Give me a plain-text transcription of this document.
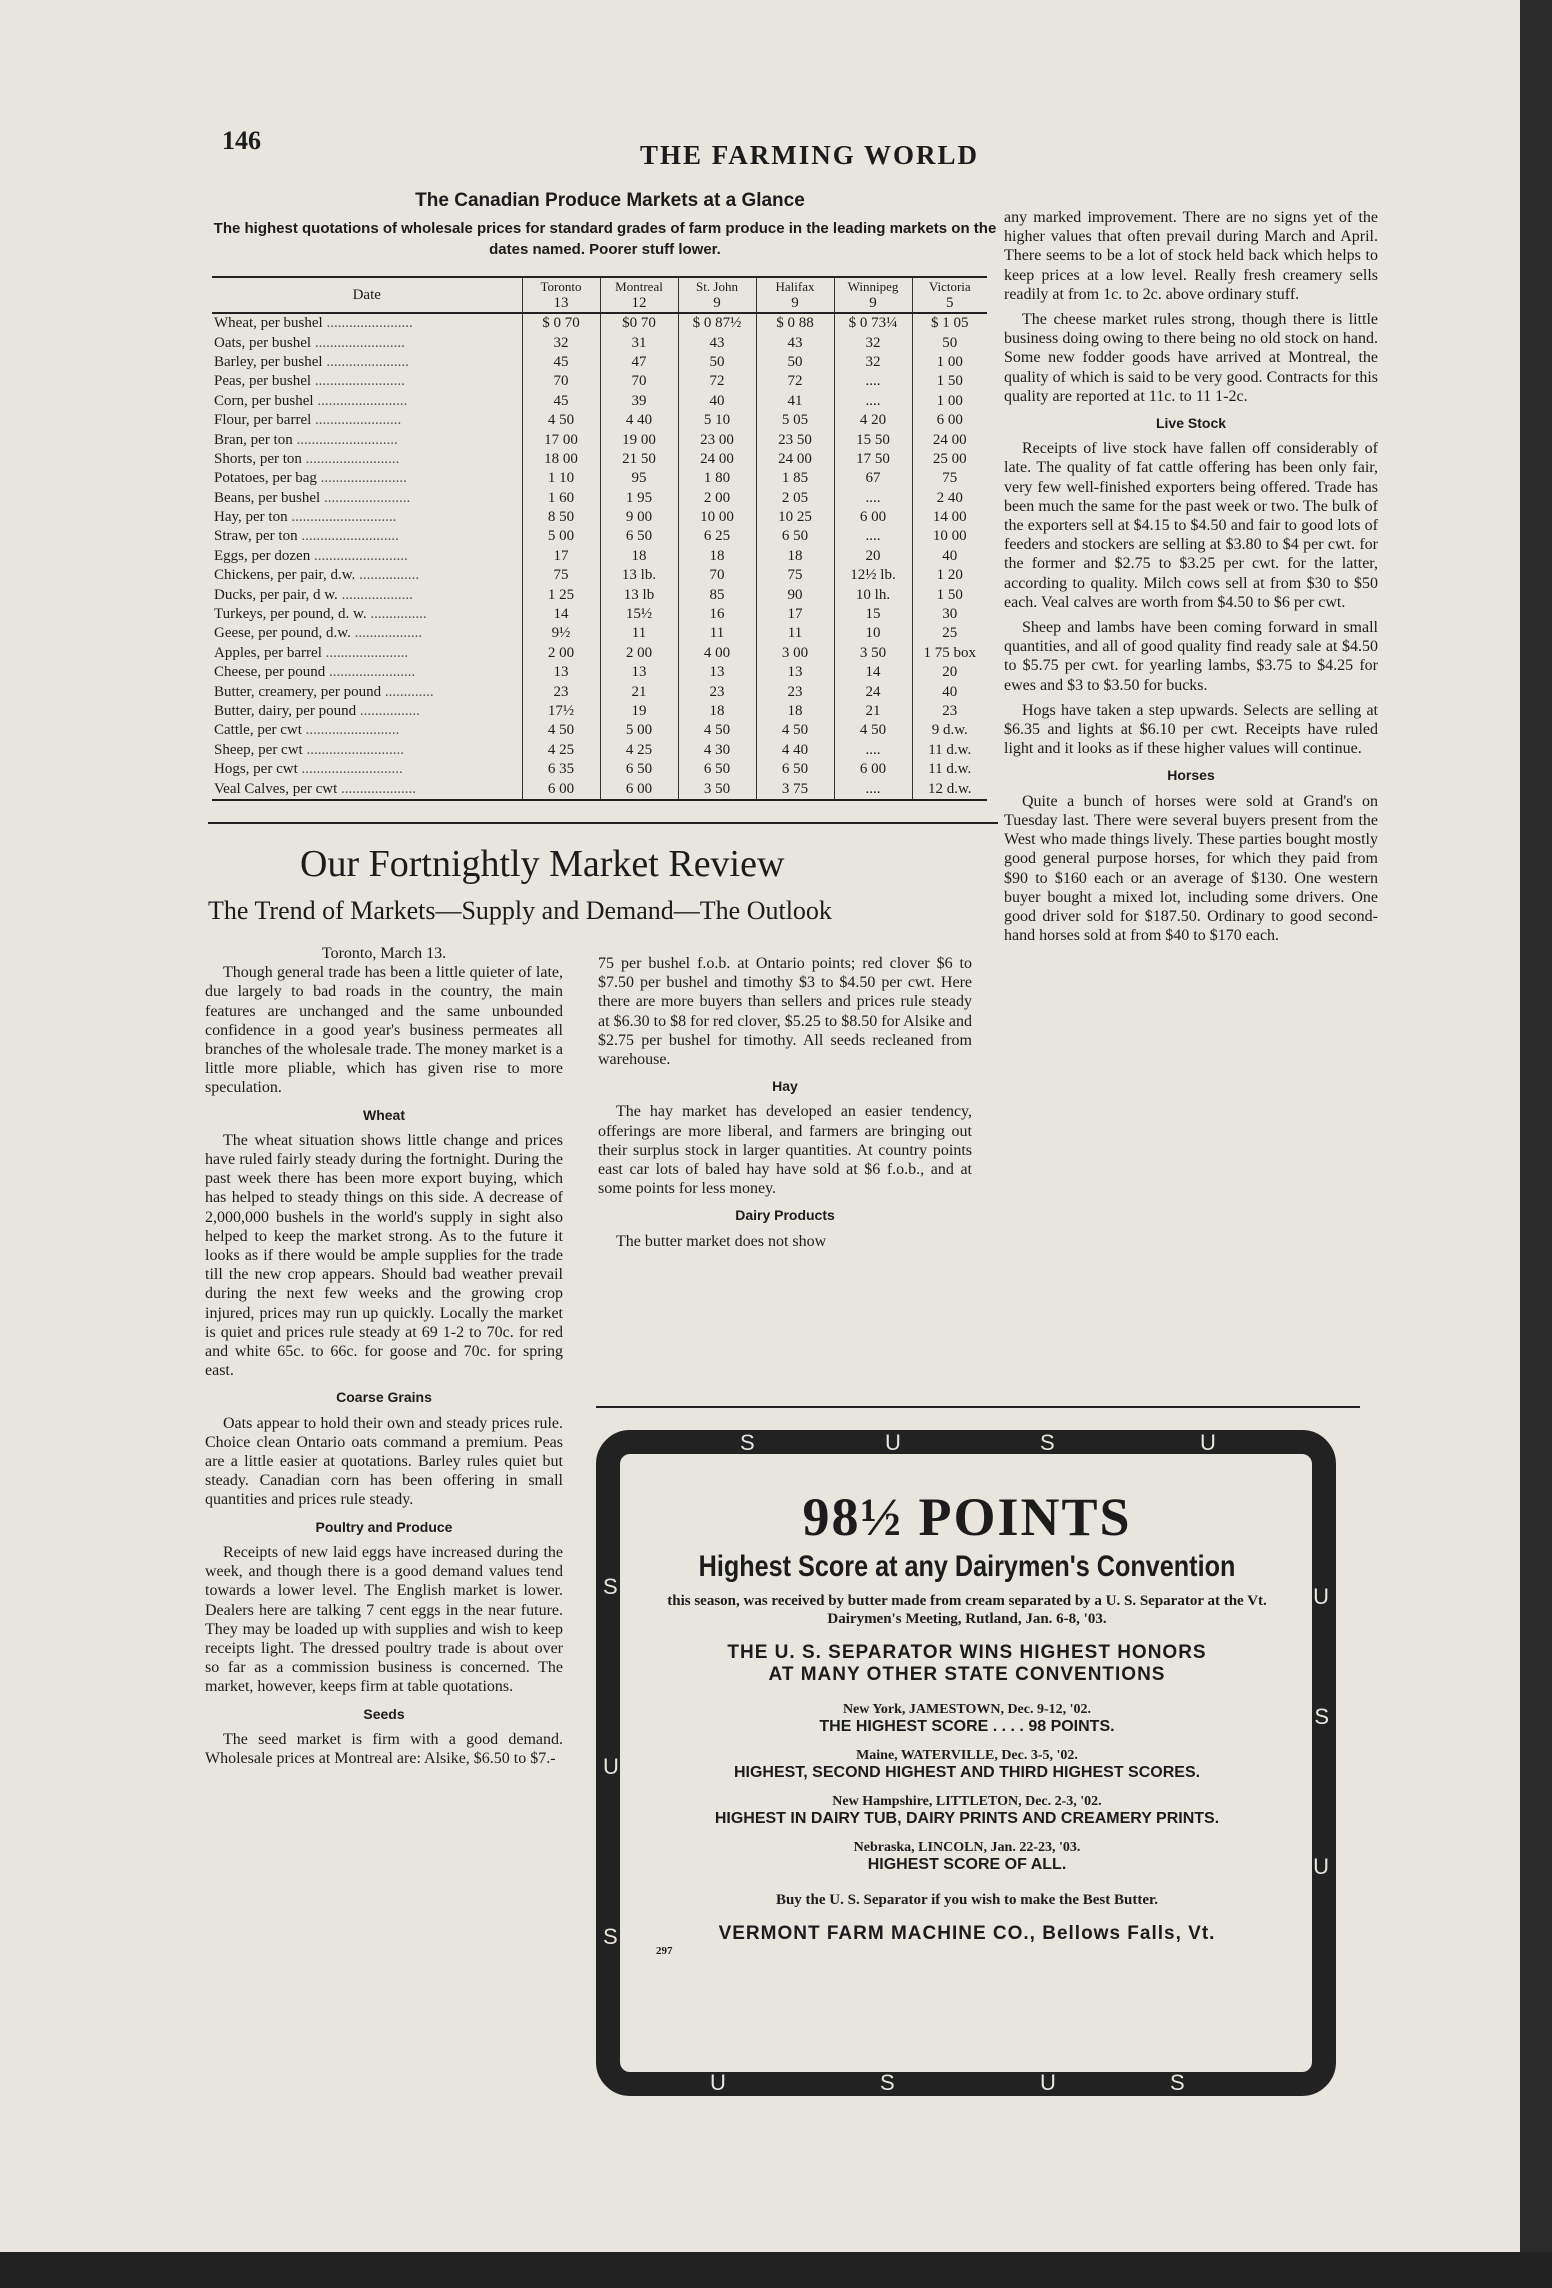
146	THE FARMING WORLD
The Canadian Produce Markets at a Glance
The highest quotations of wholesale prices for standard grades of farm produce in the leading markets on the dates named. Poorer stuff lower.
Date	Toronto	Montreal	St. John	Halifax	Winnipeg	Victoria
	13	12	9	9	9	5
Wheat, per bushel .......................	$ 0 70	$0 70	$ 0 87½	$ 0 88	$ 0 73¼	$ 1 05
Oats, per bushel ........................	32	31	43	43	32	50
Barley, per bushel ......................	45	47	50	50	32	1 00
Peas, per bushel ........................	70	70	72	72	....	1 50
Corn, per bushel ........................	45	39	40	41	....	1 00
Flour, per barrel .......................	4 50	4 40	5 10	5 05	4 20	6 00
Bran, per ton ...........................	17 00	19 00	23 00	23 50	15 50	24 00
Shorts, per ton .........................	18 00	21 50	24 00	24 00	17 50	25 00
Potatoes, per bag .......................	1 10	95	1 80	1 85	67	75
Beans, per bushel .......................	1 60	1 95	2 00	2 05	....	2 40
Hay, per ton ............................	8 50	9 00	10 00	10 25	6 00	14 00
Straw, per ton ..........................	5 00	6 50	6 25	6 50	....	10 00
Eggs, per dozen .........................	17	18	18	18	20	40
Chickens, per pair, d.w. ................	75	13 lb.	70	75	12½ lb.	1 20
Ducks, per pair, d w. ...................	1 25	13 lb	85	90	10 lh.	1 50
Turkeys, per pound, d. w. ...............	14	15½	16	17	15	30
Geese, per pound, d.w. ..................	9½	11	11	11	10	25
Apples, per barrel ......................	2 00	2 00	4 00	3 00	3 50	1 75 box
Cheese, per pound .......................	13	13	13	13	14	20
Butter, creamery, per pound .............	23	21	23	23	24	40
Butter, dairy, per pound ................	17½	19	18	18	21	23
Cattle, per cwt .........................	4 50	5 00	4 50	4 50	4 50	9 d.w.
Sheep, per cwt ..........................	4 25	4 25	4 30	4 40	....	11 d.w.
Hogs, per cwt ...........................	6 35	6 50	6 50	6 50	6 00	11 d.w.
Veal Calves, per cwt ....................	6 00	6 00	3 50	3 75	....	12 d.w.
Our Fortnightly Market Review
The Trend of Markets—Supply and Demand—The Outlook

Toronto, March 13.

Though general trade has been a little quieter of late, due largely to bad roads in the country, the main features are unchanged and the same unbounded confidence in a good year's business permeates all branches of the wholesale trade. The money market is a little more pliable, which has given rise to more speculation.

Wheat

The wheat situation shows little change and prices have ruled fairly steady during the fortnight. During the past week there has been more export buying, which has helped to steady things on this side. A decrease of 2,000,000 bushels in the world's supply in sight also helped to keep the market strong. As to the future it looks as if there would be ample supplies for the trade till the new crop appears. Should bad weather prevail during the next few weeks and the growing crop injured, prices may run up quickly. Locally the market is quiet and prices rule steady at 69 1-2 to 70c. for red and white 65c. to 66c. for goose and 70c. for spring east.

Coarse Grains

Oats appear to hold their own and steady prices rule. Choice clean Ontario oats command a premium. Peas are a little easier at quotations. Barley rules quiet but steady. Canadian corn has been offering in small quantities and prices rule steady.

Poultry and Produce

Receipts of new laid eggs have increased during the week, and though there is a good demand values tend towards a lower level. The English market is lower. Dealers here are talking 7 cent eggs in the near future. They may be loaded up with supplies and wish to keep receipts light. The dressed poultry trade is about over so far as a commission business is concerned. The market, however, keeps firm at table quotations.

Seeds

The seed market is firm with a good demand. Wholesale prices at Montreal are: Alsike, $6.50 to $7.-

75 per bushel f.o.b. at Ontario points; red clover $6 to $7.50 per bushel and timothy $3 to $4.50 per cwt. Here there are more buyers than sellers and prices rule steady at $6.30 to $8 for red clover, $5.25 to $8.50 for Alsike and $2.75 per bushel for timothy. All seeds recleaned from warehouse.

Hay

The hay market has developed an easier tendency, offerings are more liberal, and farmers are bringing out their surplus stock in larger quantities. At country points east car lots of baled hay have sold at $6 f.o.b., and at some points for less money.

Dairy Products

The butter market does not show

any marked improvement. There are no signs yet of the higher values that often prevail during March and April. There seems to be a lot of stock held back which helps to keep prices at a low level. Really fresh creamery sells readily at from 1c. to 2c. above ordinary stuff.

The cheese market rules strong, though there is little business doing owing to there being no old stock on hand. Some new fodder goods have arrived at Montreal, the quality of which is said to be very good. Contracts for this quality are reported at 11c. to 11 1-2c.

Live Stock

Receipts of live stock have fallen off considerably of late. The quality of fat cattle offering has been only fair, very few well-finished exporters being offered. Trade has been much the same for the past week or two. The bulk of the exporters sell at $4.15 to $4.50 and fair to good lots of feeders and stockers are selling at $3.80 to $4 per cwt. for the former and $2.75 to $3.25 per cwt. for the latter, according to quality. Milch cows sell at from $30 to $50 each. Veal calves are worth from $4.50 to $6 per cwt.

Sheep and lambs have been coming forward in small quantities, and all of good quality find ready sale at $4.50 to $5.75 per cwt. for yearling lambs, $3.75 to $4.25 for ewes and $3 to $3.50 for bucks.

Hogs have taken a step upwards. Selects are selling at $6.35 and lights at $6.10 per cwt. Receipts have ruled light and it looks as if these higher values will continue.

Horses

Quite a bunch of horses were sold at Grand's on Tuesday last. There were several buyers present from the West who made things lively. These parties bought mostly good general purpose horses, for which they paid from $90 to $160 each or an average of $130. One western buyer bought a mixed lot, including some drivers. One good driver sold for $187.50. Ordinary to good second-hand horses sold at from $40 to $170 each.

S	U	S	U
S
U
U
S
U
S
U	S	U	S
98½ POINTS
Highest Score at any Dairymen's Convention
this season, was received by butter made from cream separated by a U. S. Separator at the Vt. Dairymen's Meeting, Rutland, Jan. 6-8, '03.
THE U. S. SEPARATOR WINS HIGHEST HONORS
AT MANY OTHER STATE CONVENTIONS
New York, JAMESTOWN, Dec. 9-12, '02.
THE HIGHEST SCORE . . . . 98 POINTS.
Maine, WATERVILLE, Dec. 3-5, '02.
HIGHEST, SECOND HIGHEST AND THIRD HIGHEST SCORES.
New Hampshire, LITTLETON, Dec. 2-3, '02.
HIGHEST IN DAIRY TUB, DAIRY PRINTS AND CREAMERY PRINTS.
Nebraska, LINCOLN, Jan. 22-23, '03.
HIGHEST SCORE OF ALL.
Buy the U. S. Separator if you wish to make the Best Butter.
VERMONT FARM MACHINE CO., Bellows Falls, Vt.
297
